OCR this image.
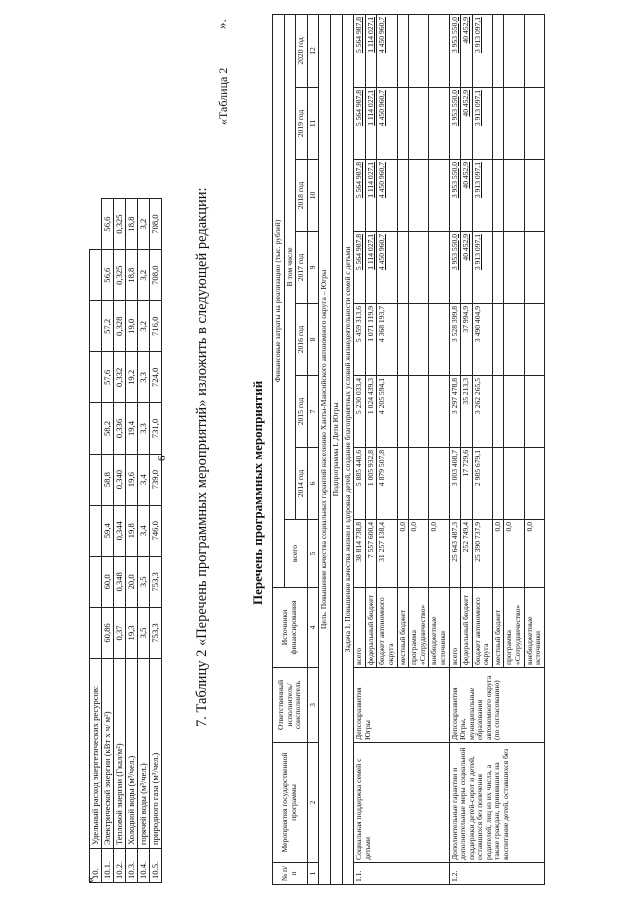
«
6
10.	Удельный расход энергетических ресурсов:									
10.1.	Электрической энергии (кВт х ч/ м²)	60,86	60,0	59,4	58,8	58,2	57,6	57,2	56,6	56,6
10.2.	Тепловой энергии (Гкал/м²)	0,37	0,348	0,344	0,340	0,336	0,332	0,328	0,325	0,325
10.3.	Холодной воды (м³/чел.)	19,3	20,0	19,8	19,6	19,4	19,2	19,0	18,8	18,8
10.4.	горячей воды (м³/чел.)	3,5	3,5	3,4	3,4	3,3	3,3	3,2	3,2	3,2
10.5.	природного газа (м³/чел.)	753,3	753,3	746,0	739,0	731,0	724,0	716,0	708,0	708,0
».
7. Таблицу 2 «Перечень программных мероприятий» изложить в следующей редакции:
«Таблица 2
Перечень программных мероприятий
№ п/п	Мероприятия государственной программы	Ответственный исполнитель/ соисполнитель	Источники финансирования	Финансовые затраты на реализацию (тыс. рублей)							
				всего	В том числе						
					2014 год	2015 год	2016 год	2017 год	2018 год	2019 год	2020 год
1	2	3	4	5	6	7	8	9	10	11	12
Цель. Повышение качества социальных гарантий населению Ханты-Мансийского автономного округа – Югры											
Подпрограмма I. Дети Югры											
Задача 1. Повышение качества жизни и здоровья детей, создание благоприятных условий жизнедеятельности семей с детьми											
1.1.	Социальная поддержка семей с детьми	Депсоцразвития Югры	всего	38 814 738,8	5 885 440,6	5 230 033,4	5 459 313,6	5 564 987,8	5 564 987,8	5 564 987,8	5 564 987,8
			федеральный бюджет	7 557 600,4	1 005 932,8	1 024 439,3	1 071 119,9	1 114 027,1	1 114 027,1	1 114 027,1	1 114 027,1
			бюджет автономного округа	31 257 138,4	4 879 507,8	4 205 594,1	4 368 193,7	4 450 960,7	4 450 960,7	4 450 960,7	4 450 960,7
			местный бюджет	0,0							
			программа «Сотрудничество»	0,0							
			внебюджетные источники	0,0							
1.2.	Дополнительные гарантии и дополнительные меры социальной поддержки детей-сирот и детей, оставшихся без попечения родителей, лиц из их числа, а также граждан, принявших на воспитание детей, оставшихся без	Депсоцразвития Югры, муниципальные образования автономного округа (по согласованию)	всего	25 643 487,3	3 003 408,7	3 297 478,8	3 528 399,8	3 953 550,0	3 953 550,0	3 953 550,0	3 953 550,0
			федеральный бюджет	252 749,4	17 729,6	35 213,3	37 994,9	40 452,9	40 452,9	40 452,9	40 452,9
			бюджет автономного округа	25 390 737,9	2 985 679,1	3 262 265,5	3 490 404,9	3 913 097,1	3 913 097,1	3 913 097,1	3 913 097,1
			местный бюджет	0,0							
			программа «Сотрудничество»	0,0							
			внебюджетные источники	0,0							
